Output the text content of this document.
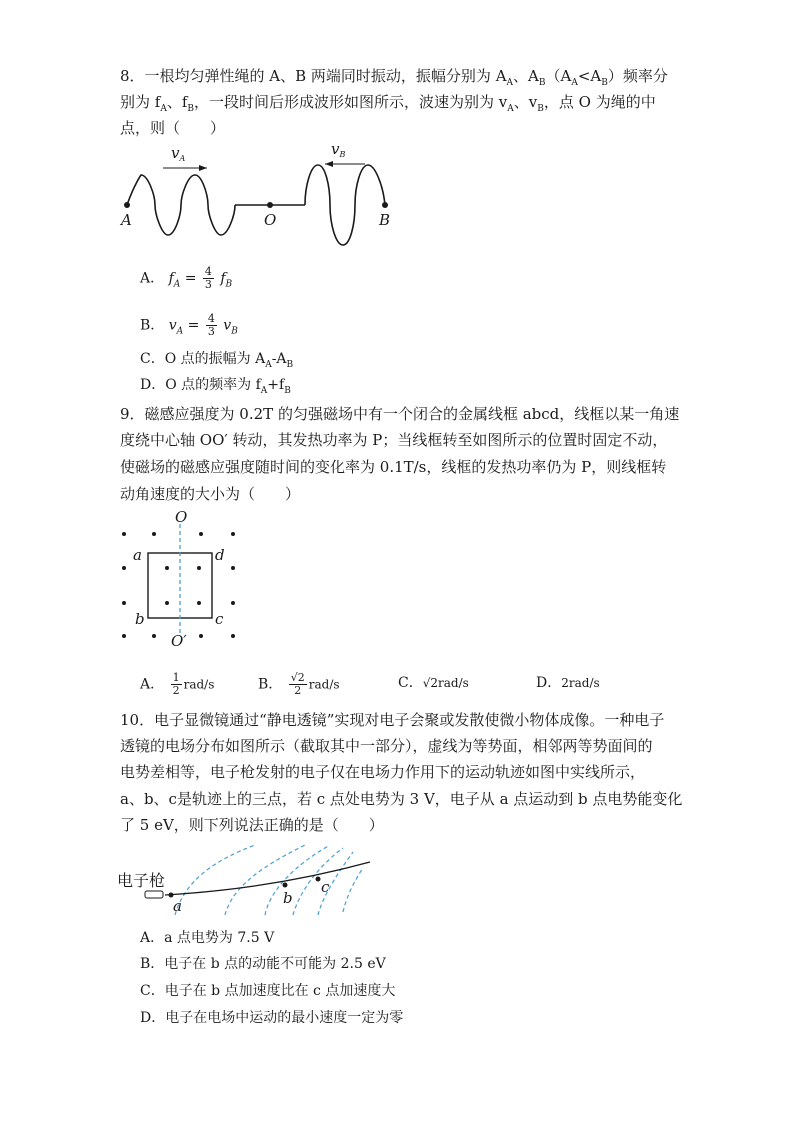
8．一根均匀弹性绳的 A、B 两端同时振动，振幅分别为 $A_A$、$A_B(A_A<A_B)$频率分
别为 $f_A$、$f_B$，一段时间后形成波形如图所示，波速为别为 $v_A$、$v_B$，点 O 为绳的中
点，则（　　）
$v_A$
$v_B$
A	O	B
A． $f_A = \frac{4}{3} f_B$
B． $v_A = \frac{4}{3} v_B$
C．O 点的振幅为 $A_A-A_B$
D．O 点的频率为 $f_A+f_B$
9．磁感应强度为 0.2T 的匀强磁场中有一个闭合的金属线框 abcd，线框以某一角速
度绕中心轴 OO′ 转动，其发热功率为 P；当线框转至如图所示的位置时固定不动，
使磁场的磁感应强度随时间的变化率为 0.1T/s，线框的发热功率仍为 P，则线框转
动角速度的大小为（　　）
O
O′
a	d
b	c
A． $\frac{1}{2} rad/s$	B． $\frac{√2}{2} rad/s$	C．√2rad/s	D．2rad/s
10．电子显微镜通过“静电透镜”实现对电子会聚或发散使微小物体成像。一种电子
透镜的电场分布如图所示（截取其中一部分），虚线为等势面，相邻两等势面间的
电势差相等，电子枪发射的电子仅在电场力作用下的运动轨迹如图中实线所示，
a、b、c是轨迹上的三点，若 c 点处电势为 3 V，电子从 a 点运动到 b 点电势能变化
了 5 eV，则下列说法正确的是（　　）
电子枪
a	b
c
A．a 点电势为 7.5 V
B．电子在 b 点的动能不可能为 2.5 eV
C．电子在 b 点加速度比在 c 点加速度大
D．电子在电场中运动的最小速度一定为零
